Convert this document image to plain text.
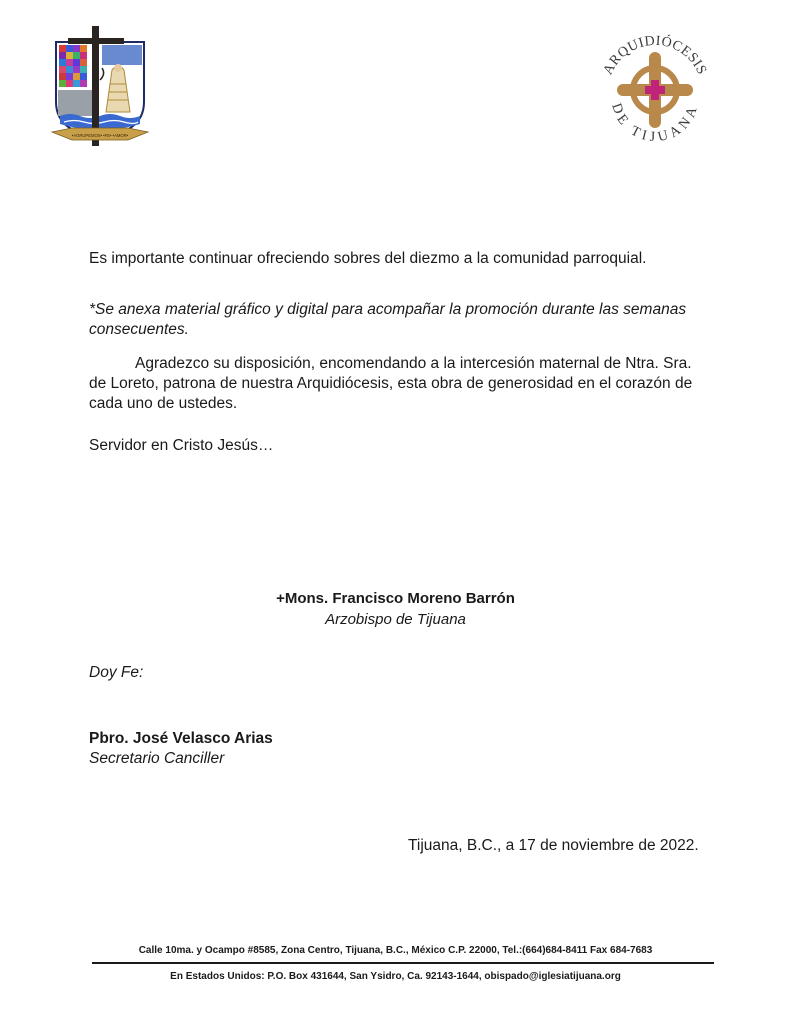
•AGRUPEMOS• •FE• •AMOR•
ARQUIDIÓCESIS
DE TIJUANA
Es importante continuar ofreciendo sobres del diezmo a la comunidad parroquial.
*Se anexa material gráfico y digital para acompañar la promoción durante las semanas
consecuentes.
Agradezco su disposición, encomendando a la intercesión maternal de Ntra. Sra.
de Loreto, patrona de nuestra Arquidiócesis, esta obra de generosidad en el corazón de
cada uno de ustedes.
Servidor en Cristo Jesús…
+Mons. Francisco Moreno Barrón
Arzobispo de Tijuana
Doy Fe:
Pbro. José Velasco Arias
Secretario Canciller
Tijuana, B.C., a 17 de noviembre de 2022.
Calle 10ma. y Ocampo #8585, Zona Centro, Tijuana, B.C., México C.P. 22000, Tel.:(664)684-8411 Fax 684-7683
En Estados Unidos: P.O. Box 431644, San Ysidro, Ca. 92143-1644, obispado@iglesiatijuana.org
